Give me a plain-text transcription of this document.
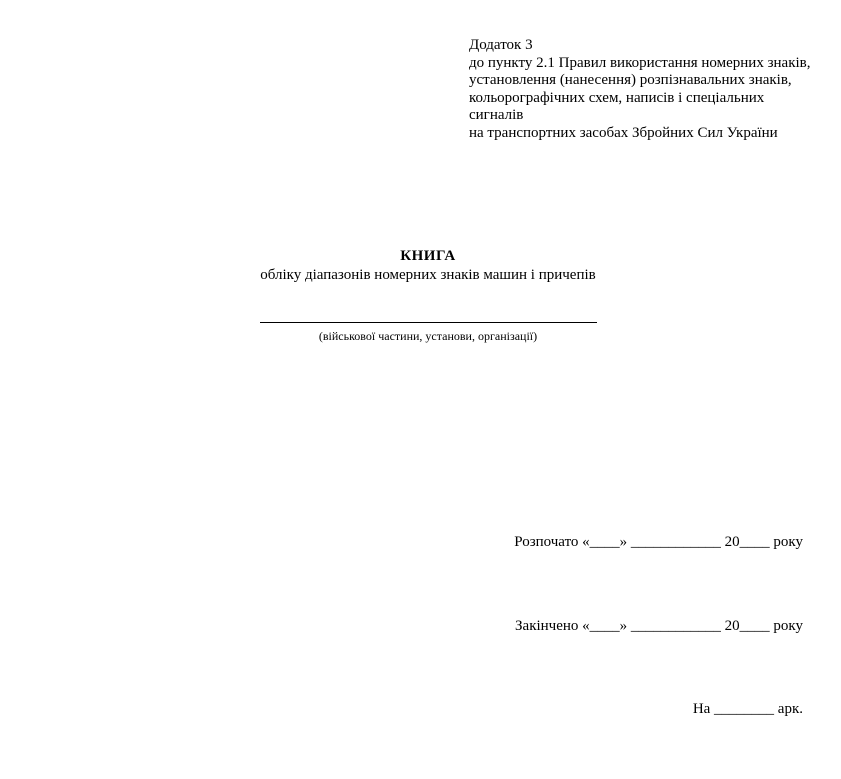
Додаток 3
до пункту 2.1 Правил використання номерних знаків,
установлення (нанесення) розпізнавальних знаків,
кольорографічних схем, написів і спеціальних сигналів
на транспортних засобах Збройних Сил України
КНИГА
обліку діапазонів номерних знаків машин і причепів
(військової частини, установи, організації)

Розпочато «____» ____________ 20____ року

Закінчено «____» ____________ 20____ року

На ________ арк.
